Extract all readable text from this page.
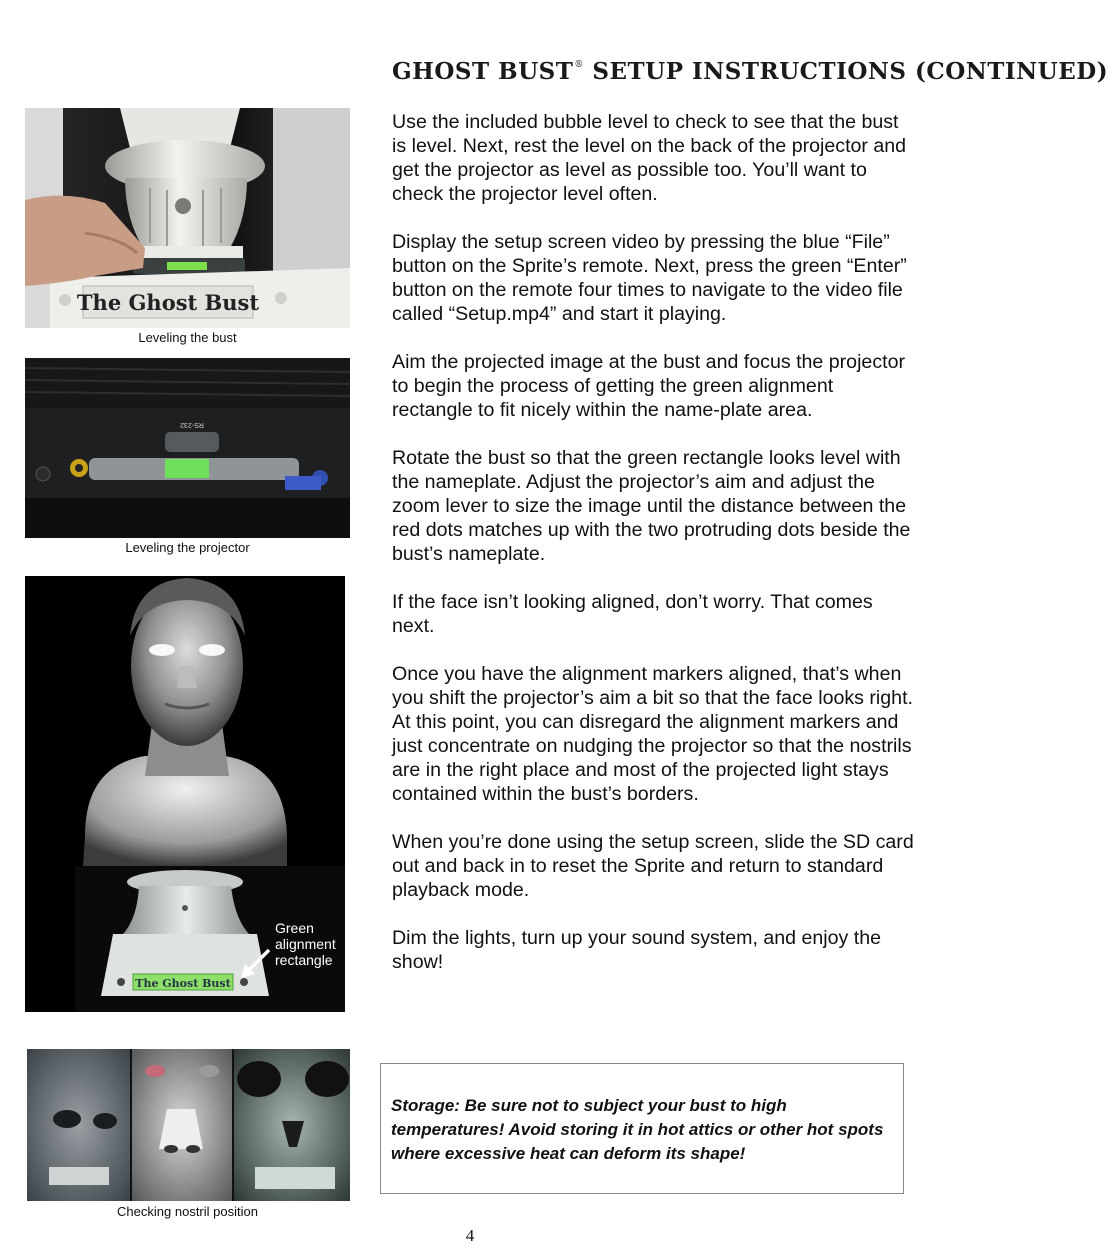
GHOST BUST® SETUP INSTRUCTIONS (CONTINUED)
The Ghost Bust
Leveling the bust
RS-232
Leveling the projector
The Ghost Bust
Green alignment rectangle
Checking nostril position

Use the included bubble level to check to see that the bust is level. Next, rest the level on the back of the projector and get the projector as level as possible too. You’ll want to check the projector level often.

Display the setup screen video by pressing the blue “File” button on the Sprite’s remote. Next, press the green “Enter” button on the remote four times to navigate to the video file called “Setup.mp4” and start it playing.

Aim the projected image at the bust and focus the projector to begin the process of getting the green alignment rectangle to fit nicely within the name-plate area.

Rotate the bust so that the green rectangle looks level with the nameplate. Adjust the projector’s aim and adjust the zoom lever to size the image until the distance between the red dots matches up with the two protruding dots beside the bust’s nameplate.

If the face isn’t looking aligned, don’t worry. That comes next.

Once you have the alignment markers aligned, that’s when you shift the projector’s aim a bit so that the face looks right. At this point, you can disregard the alignment markers and just concentrate on nudging the projector so that the nostrils are in the right place and most of the projected light stays contained within the bust’s borders.

When you’re done using the setup screen, slide the SD card out and back in to reset the Sprite and return to standard playback mode.

Dim the lights, turn up your sound system, and enjoy the show!

Storage: Be sure not to subject your bust to high temperatures! Avoid storing it in hot attics or other hot spots where excessive heat can deform its shape!

4
